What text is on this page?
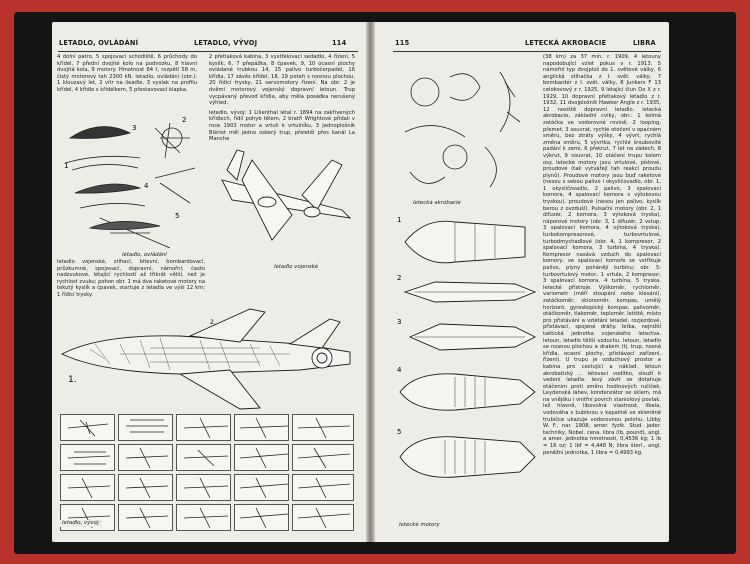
LETADLO, OVLÁDÁNÍ	LETADLO, VÝVOJ	114

4 dolní patro, 5 spojovací schodiště, 6 průchody do křídel, 7 přední dvojité kolo na podvozku, 8 hlavní dvojitá kola, 9 motory. Hmotnost 84 t, rozpětí 58 m, čistý motorový tah 2300 kN. letadlo, ovládání (obr.): 1 klouzavý let, 2 vítr na ileadle, 3 vyslak na profilu křídel, 4 křídlo s křidélkem, 5 přestavovací klapka.

2 přetlaková kabina, 3 vystřelovací sedadlo, 4 řízení, 5 kyslík, 6, 7 přepážka, 8 čpavek, 9, 10 ocasní plochy ovládané trubkou 14, 15 palivo turbočerpadel, 16 křídla, 17 závěs křídel, 18, 19 potah s nosnou plochou, 20 řídící trysky, 21 servomotory řízení. Na obr. 2 je dvěmi motorový vojenský dopravní letoun. Trup vycpávaný převod křídla, aby měla posádka nerušený výhled.

letadlo, vývoj: 1 Lilienthal létal r. 1894 na zakřivených křídlech, řídil pohyb tělem, 2 bratři Wrightové přidali v roce 1903 motor a vrtuli k vrtulníku, 3 jednoplošník Blériot měl jedno oskerý trup, přeletěl přes kanál La Manche

3
2
1
4
5
letadlo, ovládání
letadlo vojenské

letadlo vojenské, stíhací, bitevní, bombardovací, průzkumné, spojovací, dopravní, námořní; často nadzvukové, létající rychlostí až třikrát větší, než je rychlost zvuku; pohon obr. 1 má dva raketové motory na tekutý kyslík a čpavek, startuje z letadla ve výši 12 km; 1 řídicí trysky.

1.
2.
letadlo, vývoj:
115	LETECKÁ AKROBACIE	LIBRA
letecká akrobacie
1
2
3
4
5
letecké motory

(38 km) za 37 min. r. 1909, 4 letouny napodobující vzlet pokus v r. 1913, 5 námořní typ dvojploš do 1. světové války, 6 anglická stíhačka z I. svět. války, 7 bombardér z I. svět. války, 8 Junkers F 13 celokovový z r. 1925, 9 létající člun Do X z r. 1929, 10 dopravní přetlakový letadlo z r. 1932, 11 dvojplošník Hawker Angle z r. 1935, 12 nosiště dopravní letadlo. letecká akrobacie, základní cviky, obr.: 1 kolmá zatáčka ve vodorovné rovině, 2 looping, přemet, 3 souvrat, rychlé otočení v opačném směru, bez ztráty výšky, 4 vývrt, rychlá změna směru, 5 vývrtka, rychlé šroubovité padání k zemi, 6 překrut, 7 let na zádech, 8 výkrut, 9 souvrat, 10 otáčení trupu kolem osy. letecké motory jsou vrtulové, pístové, proudové (tak vytvářejí tah reakcí proudu plynů). Proudové motory jsou buď raketové (nesou s sebou palivo i okysličovadlo, obr. 1, 1 okysličovadlo, 2 palivo, 3 spalovací komora, 4 spalovací komora s výtokovou tryskou), proudové (nesou jen palivo, kyslík berou z ovzduší). Pulsační motory (obr. 2, 1 difuzér, 2 komora, 3 výtoková tryska), náporové motory (obr. 3, 1 difuzér, 2 vstup, 3 spalovací komora, 4 výtoková tryska), turbokompresorové, turbovrtulové, turbodmychadlové (obr. 4, 1 kompresor, 2 spalovací komora, 3 turbína, 4 tryska). Kompresor nasává vzduch do spalovací komory, ve spalovací komoře se vstřikuje palivo, plyny pohánějí turbínu; obr. 5: turbovrtulový motor, 1 vrtule, 2 kompresor, 3 spalovací komora, 4 turbína, 5 tryska. letecké přístroje. Výškoměr, rychloměr, variometr (měří stoupání nebo klesání), zatáčkoměr, sklonoměr, kompas, umělý horizont, gyroskopický kompas, palivoměr, otáčkoměr, tlakoměr, teploměr. letiště, místo pro přistávání a vzlétání letadel, rozjezdové, přistávací, spojené dráhy. letka, nejnižší taktická jednotka vojenského letectva. letoun, letadlo těžší vzduchu. letoun, letadlo se nosnou plochou a drakem (tj. trup, nosná křídla, ocasní plochy, přistávací zařízení, řízení). U trupu je vzduchový prostor a kabina pro cestující a náklad. letoun akrobatický ... letovací vodítko, slouží k vedení letadla. levý závit se dotahuje otáčením proti směru hodinových ručiček. Leydenská láhev, kondenzátor se sklem, má na vnějšku i vnitřní povrch staniolový povlak. lež hlavně, libovolná vlastnost. libela, vodováha s bublinou v kapalině ve skleněné trubičce ukazuje vodorovnou polohu. Libby W. F., nar. 1908, amer. fyzik. Stud. jader. techniky, Nobel. cena. libra (lb, pound), angl. a amer. jednotka hmotnosti, 0,4536 kg; 1 lb = 16 oz; 1 lbf = 4,448 N; libra šterl., angl. peněžní jednotka, 1 libra = 0,4993 kg.
